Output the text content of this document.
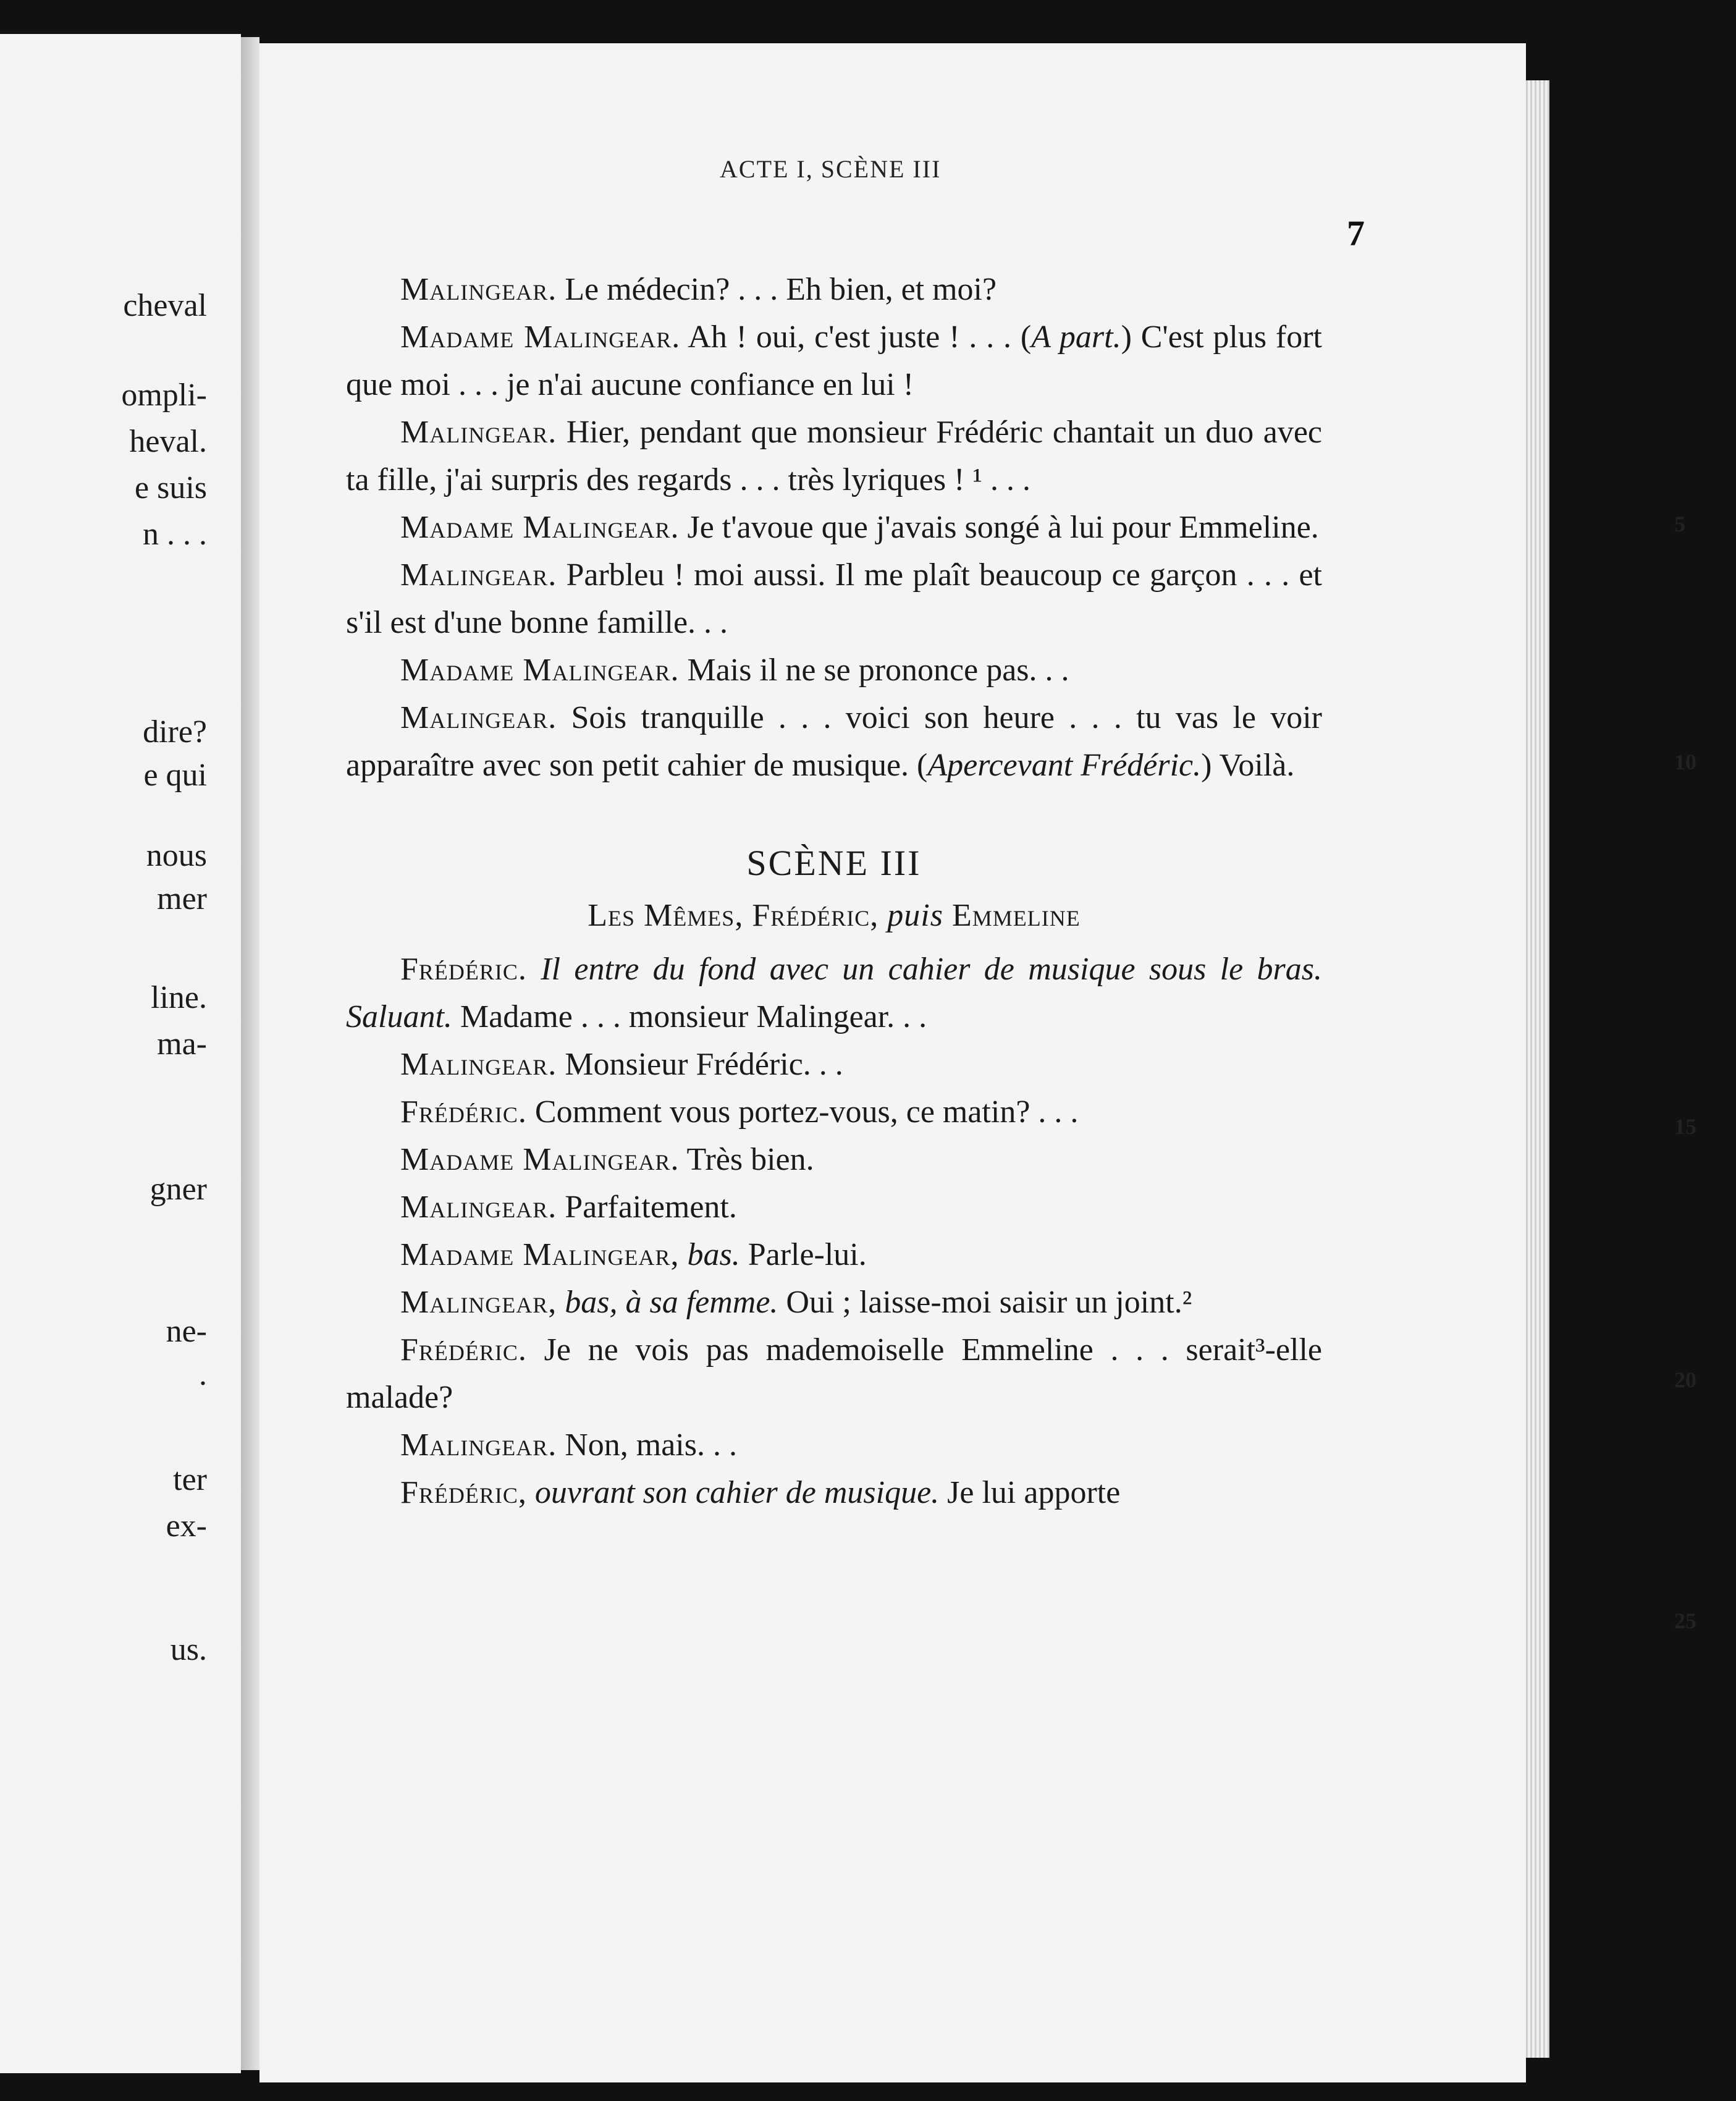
cheval
ompli-
heval.
e suis
n . . .
dire?
e qui
nous
mer
line.
ma-
gner
ne-
.
ter
ex-
us.
ACTE I, SCÈNE III
7

Malingear. Le médecin? . . . Eh bien, et moi?

Madame Malingear. Ah ! oui, c'est juste ! . . . (A part.) C'est plus fort que moi . . . je n'ai aucune confiance en lui !

Malingear. Hier, pendant que monsieur Frédéric chantait un duo avec ta fille, j'ai surpris des regards . . . très lyriques ! ¹ . . .

Madame Malingear. Je t'avoue que j'avais songé à lui pour Emmeline.

Malingear. Parbleu ! moi aussi. Il me plaît beaucoup ce garçon . . . et s'il est d'une bonne famille. . .

Madame Malingear. Mais il ne se prononce pas. . .

Malingear. Sois tranquille . . . voici son heure . . . tu vas le voir apparaître avec son petit cahier de musique. (Apercevant Frédéric.) Voilà.

SCÈNE III
Les Mêmes, Frédéric, puis Emmeline

Frédéric. Il entre du fond avec un cahier de musique sous le bras. Saluant. Madame . . . monsieur Malingear. . .

Malingear. Monsieur Frédéric. . .

Frédéric. Comment vous portez-vous, ce matin? . . .

Madame Malingear. Très bien.

Malingear. Parfaitement.

Madame Malingear, bas. Parle-lui.

Malingear, bas, à sa femme. Oui ; laisse-moi saisir un joint.²

Frédéric. Je ne vois pas mademoiselle Emmeline . . . serait³-elle malade?

Malingear. Non, mais. . .

Frédéric, ouvrant son cahier de musique. Je lui apporte

5
10
15
20
25
